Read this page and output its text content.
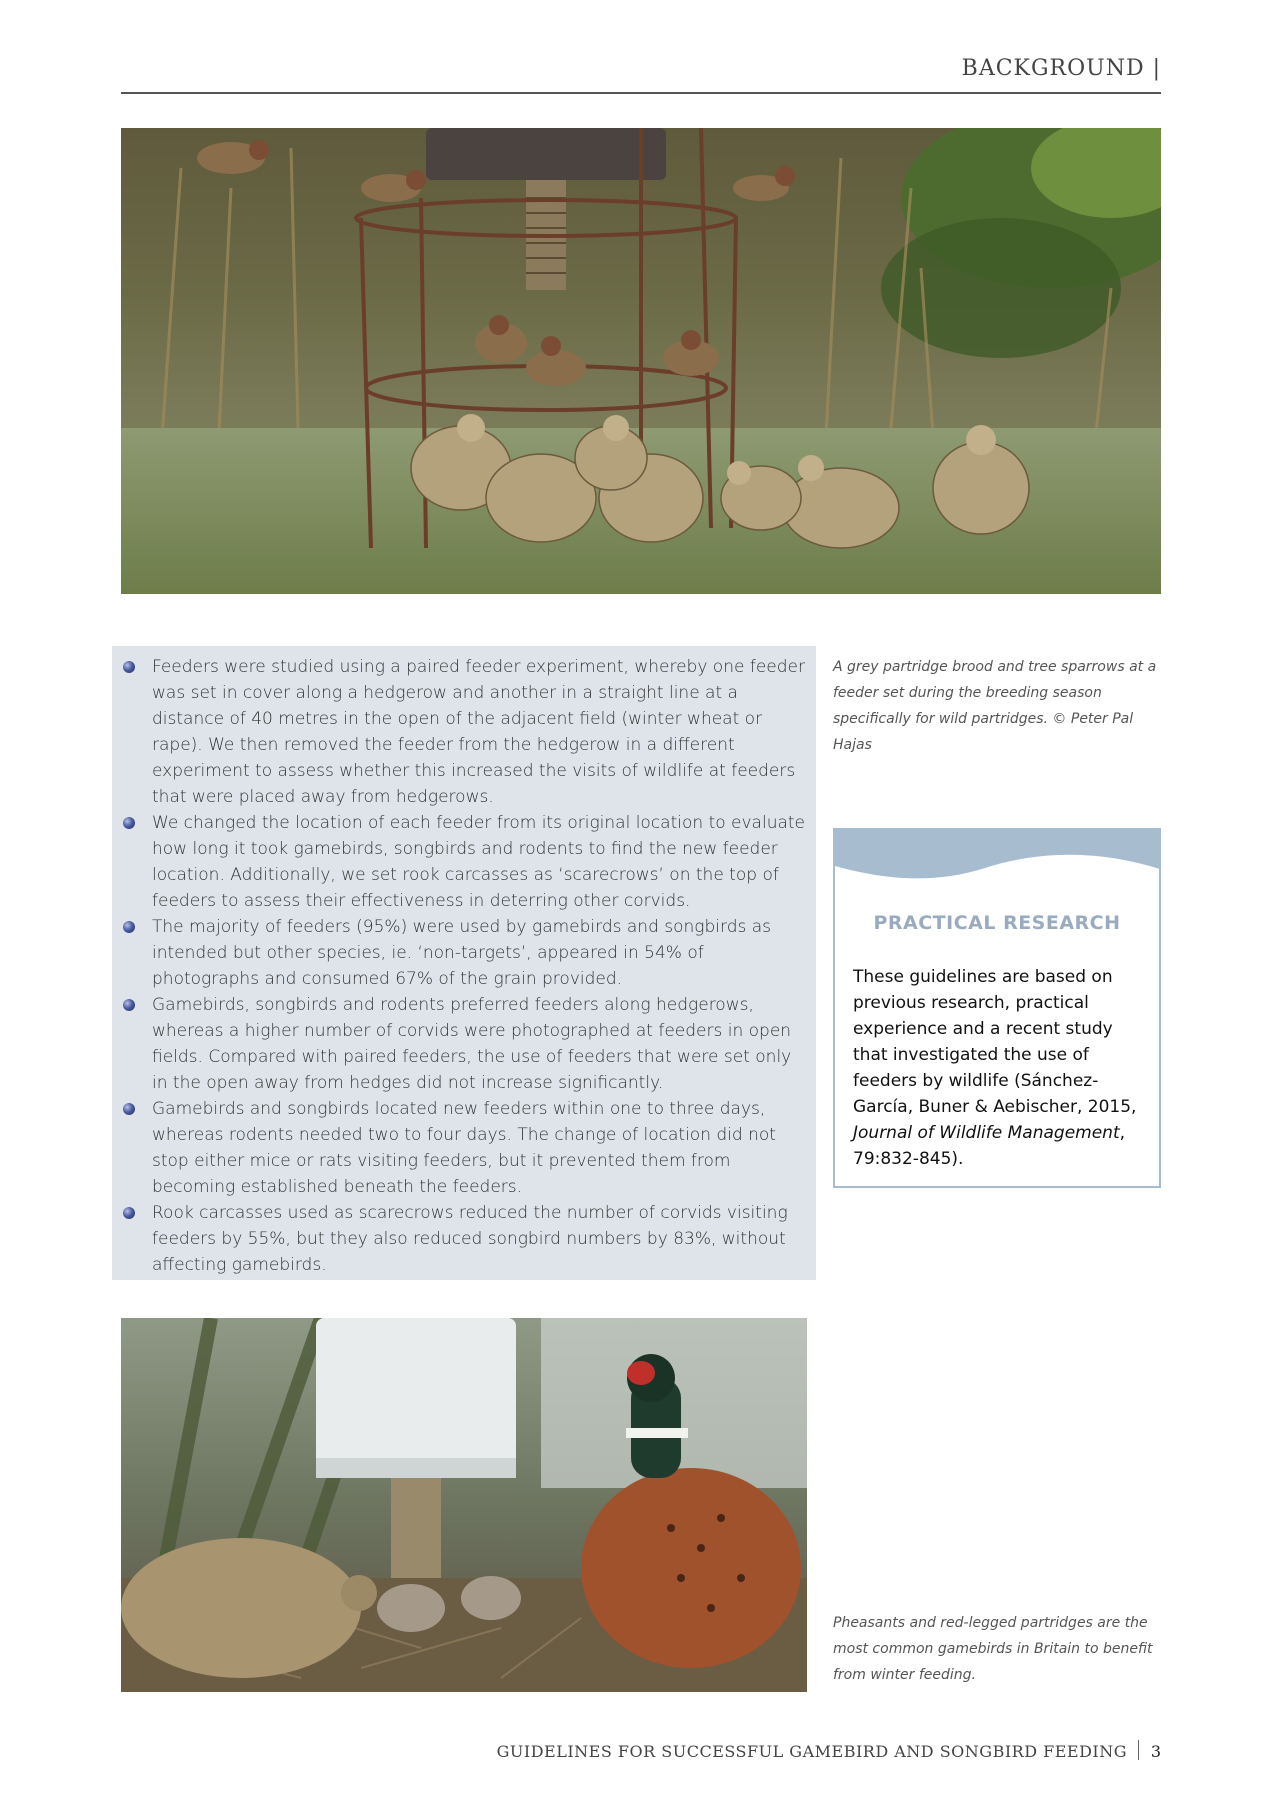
BACKGROUND |
Feeders were studied using a paired feeder experiment, whereby one feeder was set in cover along a hedgerow and another in a straight line at a distance of 40 metres in the open of the adjacent field (winter wheat or rape). We then removed the feeder from the hedgerow in a different experiment to assess whether this increased the visits of wildlife at feeders that were placed away from hedgerows.
We changed the location of each feeder from its original location to evaluate how long it took gamebirds, songbirds and rodents to find the new feeder location. Additionally, we set rook carcasses as ‘scarecrows’ on the top of feeders to assess their effectiveness in deterring other corvids.
The majority of feeders (95%) were used by gamebirds and songbirds as intended but other species, ie. ‘non-targets’, appeared in 54% of photographs and consumed 67% of the grain provided.
Gamebirds, songbirds and rodents preferred feeders along hedgerows, whereas a higher number of corvids were photographed at feeders in open fields. Compared with paired feeders, the use of feeders that were set only in the open away from hedges did not increase significantly.
Gamebirds and songbirds located new feeders within one to three days, whereas rodents needed two to four days. The change of location did not stop either mice or rats visiting feeders, but it prevented them from becoming established beneath the feeders.
Rook carcasses used as scarecrows reduced the number of corvids visiting feeders by 55%, but they also reduced songbird numbers by 83%, without affecting gamebirds.
A grey partridge brood and tree sparrows at a feeder set during the breeding season specifically for wild partridges. © Peter Pal Hajas
PRACTICAL RESEARCH
These guidelines are based on previous research, practical experience and a recent study that investigated the use of feeders by wildlife (Sánchez-García, Buner & Aebischer, 2015, Journal of Wildlife Management, 79:832-845).
Pheasants and red-legged partridges are the most common gamebirds in Britain to benefit from winter feeding.
GUIDELINES FOR SUCCESSFUL GAMEBIRD AND SONGBIRD FEEDING 3
